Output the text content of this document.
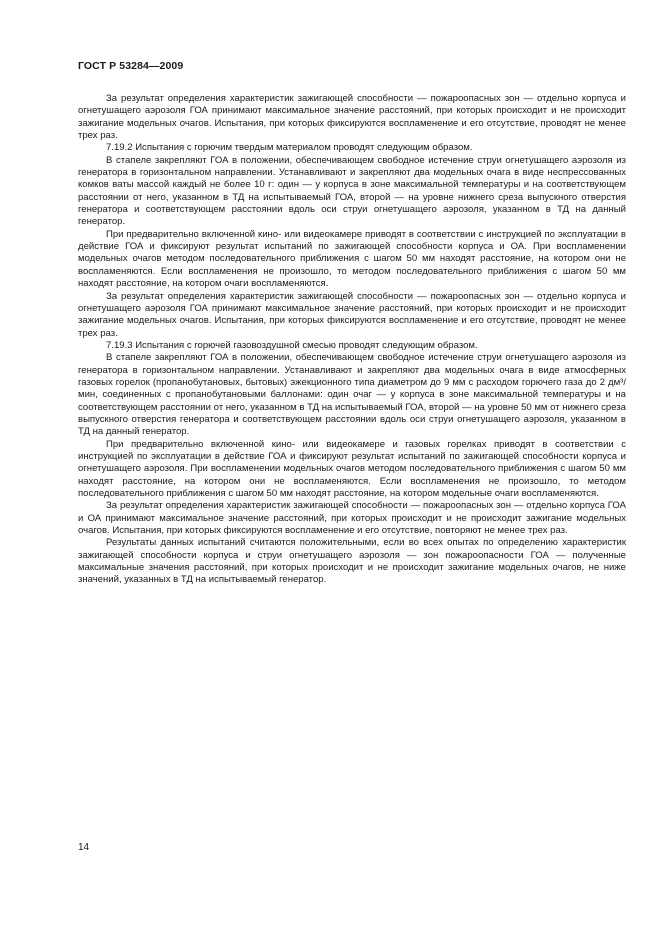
ГОСТ Р 53284—2009

За результат определения характеристик зажигающей способности — пожароопасных зон — отдельно корпуса и огнетушащего аэрозоля ГОА принимают максимальное значение расстояний, при которых происходит и не происходит зажигание модельных очагов. Испытания, при которых фиксируются воспламенение и его отсутствие, проводят не менее трех раз.

7.19.2 Испытания с горючим твердым материалом проводят следующим образом.

В стапеле закрепляют ГОА в положении, обеспечивающем свободное истечение струи огнетушащего аэрозоля из генератора в горизонтальном направлении. Устанавливают и закрепляют два модельных очага в виде неспрессованных комков ваты массой каждый не более 10 г: один — у корпуса в зоне максимальной температуры и на соответствующем расстоянии от него, указанном в ТД на испытываемый ГОА, второй — на уровне нижнего среза выпускного отверстия генератора и соответствующем расстоянии вдоль оси струи огнетушащего аэрозоля, указанном в ТД на данный генератор.

При предварительно включенной кино- или видеокамере приводят в соответствии с инструкцией по эксплуатации в действие ГОА и фиксируют результат испытаний по зажигающей способности корпуса и ОА. При воспламенении модельных очагов методом последовательного приближения с шагом 50 мм находят расстояние, на котором они не воспламеняются. Если воспламенения не произошло, то методом последовательного приближения с шагом 50 мм находят расстояние, на котором очаги воспламеняются.

За результат определения характеристик зажигающей способности — пожароопасных зон — отдельно корпуса и огнетушащего аэрозоля ГОА принимают максимальное значение расстояний, при которых происходит и не происходит зажигание модельных очагов. Испытания, при которых фиксируются воспламенение и его отсутствие, проводят не менее трех раз.

7.19.3 Испытания с горючей газовоздушной смесью проводят следующим образом.

В стапеле закрепляют ГОА в положении, обеспечивающем свободное истечение струи огнетушащего аэрозоля из генератора в горизонтальном направлении. Устанавливают и закрепляют два модельных очага в виде атмосферных газовых горелок (пропанобутановых, бытовых) эжекционного типа диаметром до 9 мм с расходом горючего газа до 2 дм³/мин, соединенных с пропанобутановыми баллонами: один очаг — у корпуса в зоне максимальной температуры и на соответствующем расстоянии от него, указанном в ТД на испытываемый ГОА, второй — на уровне 50 мм от нижнего среза выпускного отверстия генератора и соответствующем расстоянии вдоль оси струи огнетушащего аэрозоля, указанном в ТД на данный генератор.

При предварительно включенной кино- или видеокамере и газовых горелках приводят в соответствии с инструкцией по эксплуатации в действие ГОА и фиксируют результат испытаний по зажигающей способности корпуса и огнетушащего аэрозоля. При воспламенении модельных очагов методом последовательного приближения с шагом 50 мм находят расстояние, на котором они не воспламеняются. Если воспламенения не произошло, то методом последовательного приближения с шагом 50 мм находят расстояние, на котором модельные очаги воспламеняются.

За результат определения характеристик зажигающей способности — пожароопасных зон — отдельно корпуса ГОА и ОА принимают максимальное значение расстояний, при которых происходит и не происходит зажигание модельных очагов. Испытания, при которых фиксируются воспламенение и его отсутствие, повторяют не менее трех раз.

Результаты данных испытаний считаются положительными, если во всех опытах по определению характеристик зажигающей способности корпуса и струи огнетушащего аэрозоля — зон пожароопасности ГОА — полученные максимальные значения расстояний, при которых происходит и не происходит зажигание модельных очагов, не ниже значений, указанных в ТД на испытываемый генератор.

14
